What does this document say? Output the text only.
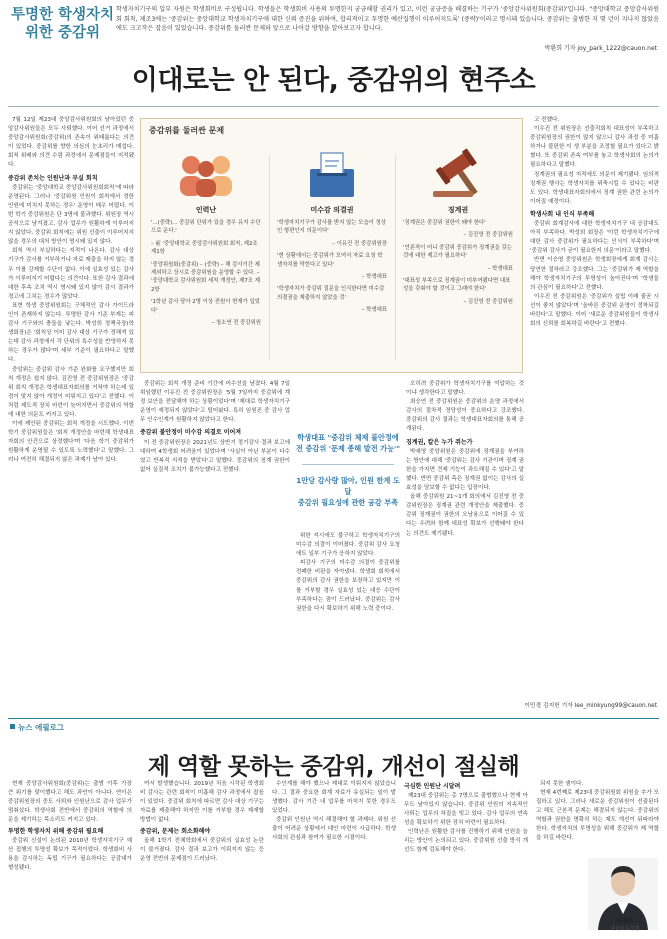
투명한 학생자치
위한 중감위
학생자치기구의 일부 자원은 학생회비로 구성됩니다. 학생들은 학생회비 사용의 투명한지 궁금해할 권리가 있고, 이런 궁금증을 해결하는 기구가 '중앙감사위원회(중감위)'입니다. "중앙대학교 중앙감사위원회 회칙, 제조3에는 '중감위는 중앙대학교 학생자치기구에 대한 신뢰 증진을 위하여, 합리적이고 투명한 예산집행이 이루어지도록' (중략)'이라고 명시돼 있습니다. 중감위는 출범한 지 몇 년이 지나지 않았음에도 크고작은 잡음이 있었습니다. 중감위를 둘러싼 문제와 앞으로 나아갈 방향을 알아보고자 합니다.
박환희 기자 joy_park_1222@cauon.net
이대로는 안 된다, 중감위의 현주소

7월 12일 제23대 중앙감사위원회의 남아있던 중앙감사위원들은 모두 사퇴했다. 이어 선거 과정에서 중앙감사위원회(중감위)의 존속이 위태롭다는 의견이 있었다. 중감위를 향한 의심의 눈초리가 매섭다. 회칙 위배와 의견 수렴 과정에서 문제점들이 지적됐다.

중감위 존치는 인원난과 부실 회칙

중감위는 '중앙대학교 중앙감사위원회회칙'에 따라 운영된다. 그러나 '중감위원 인원이 회칙에서 정한 인원에 미치지 못하는 경우' 운영이 매우 어렵다. 이번 학기 중감위원은 단 3명에 불과했다. 위원장 역시 공석으로 남겨졌고, 감사 업무가 원활하게 이루어지지 않았다. 중감위 회칙에는 위원 선출이 이루어지지 않을 경우의 대처 방안이 명시돼 있지 않다.

회칙 역시 부실하다는 지적이 나온다. 감사 대상 기구가 감사를 거부하거나 자료 제출을 하지 않는 경우 이를 강제할 수단이 없다. 이에 실효성 있는 감사가 이루어지기 어렵다는 의견이다. 또한 감사 결과에 대한 후속 조치 역시 명시돼 있지 않아 감사 결과가 경고에 그치는 경우가 많았다.

표현 학생 중앙위원회는 구체적인 감사 가이드라인이 존재하지 않는다. 투명한 감사 기준 부재는 피감사 기구와의 충돌을 낳는다. 박성희 정책국장(학생회장)은 '회칙상 이미 감사 대상 기구가 정해져 있는데 감사 과정에서 각 단위의 특수성을 반영하지 못하는 경우가 많다'며 세부 기준이 필요하다고 말했다.

중앙위는 중감위 감사 기준 완화를 요구했지만 회칙 개정은 쉽지 않다. 김진영 전 중감위원장은 '중감위 회칙 개정은 학생대표자회의를 거쳐야 하는데 일정이 맞지 않아 개정이 미뤄지고 있다'고 전했다. 이처럼 제도적 장치 마련이 늦어지면서 중감위의 역할에 대한 의문도 커지고 있다.

이에 제안된 중감위는 회칙 개정을 시도했다. 이번 학기 중감위원들은 '회칙 개정안을 마련해 학생대표자회의 안건으로 상정했다'며 '다음 학기 중감위가 원활하게 운영될 수 있도록 노력했다'고 말했다. 그러나 여전히 해결되지 않은 과제가 남아 있다.

중감위를 둘러싼 문제
인력난
'...(중략)... 중감위 단위가 있을 경우 유지 수단으로 운다.'
– 前 '중앙대학교 중앙감사위원회 회칙, 제2조 제1항
'중앙위원회(중감위) – (중략) – 해 감사기간 제 제외하고 상시로 중감위원을 운영할 수 있다. – '중앙대학교 감사위원회 세칙 개정안, 제7조 제2항
'1학년 감사 담아 2명 이상 전원이 현재가 입었다'
– 청소연 전 중감위원
미수감 의결권
'학생자치기구가 감사를 받지 않는 모습이 정상인 형편인지 의문이다'
– 이유진 전 중감위원장
'현 상황에서는 중감위가 모여서 자료 요청 학생자치를 막힌다고 있다'
– 학생대표
'학생자치가 중감위 질문을 인식한다면 미수감 의결권을 제출하지 않았을 것'
– 학생대표
징계권
'징계권은 중감위 권한이 돼야 한다'
– 김진영 전 중감위원
'언론적이 어니 중감위 중감위가 징계권을 갖는 것에 대한 제고가 필요하다'
– 학생대표
'대표성 부족으로 징계권이 미부여됐다면 대표성을 갖춰야 할 것이고 그래야 한다'
– 김진영 전 중감위원

중감위는 회칙 개정 준비 기간에 어수선을 남겼다. 4월 7일 취임했던 이유진 전 중감위원장은 '5월 7일까지 중감위에 계정 보안을 전달해야 하는 상황이었다'며 '제대로 학생자치기구 운영이 예정되지 않았다'고 털어놨다. 특히 임원진 중 감사 업무 인수인계가 원활하지 않았다고 한다.

중감위 불안정이 미수감 의결로 이어져

이 전 중감위원장은 2021년도 상반기 정기감사 결과 보고에 대하여 4학생회 어려움이 있었다며 '사실이 아닌 부분이 다수였고 반복적 지적을 받았다'고 말했다. 중감위의 징계 권한이 없어 실질적 조치가 불가능했다고 전했다.

학생대표 "중감위 체제 불안정에
전 중감위 '문제 종해 발전 가능'"
1만당 감사량 많아, 인원 한계 도달
중감위 필요성에 관한 공감 부족

위한 지시에도 불구하고 학생자치기구의 미수감 의결이 이어졌다. 중감위 감사 요청에도 일부 기구가 응하지 않았다.

피감사 기구의 미수감 의결이 중감위를 전폐한 비판을 자아냈다. 학생회 회칙에서 중감위의 감사 권한을 보장하고 있지만 이를 거부할 경우 실효성 있는 대응 수단이 부족하다는 점이 드러났다. 중감위는 감사 권한을 다시 확보하기 위해 노력 중이다.

오히려 중감위가 학생자치기구를 억압하는 것이냐 생각한다고 말했다.

최승연 전 중감위원은 중감위의 운영 과정에서 감사의 절차적 정당성이 중요하다고 강조했다. 중감위의 감사 결과는 학생대표자회의를 통해 공개된다.

징계권, 칼은 누가 쥐는가

박예영 중앙위원은 중감위에 징계권을 부여하는 방안에 대해 '중감위는 감사 기관이며 징계 권한을 가지면 견제 기능이 과도해질 수 있다'고 말했다. 반면 중감위 측은 징계권 없이는 감사의 실효성을 담보할 수 없다는 입장이다.

올해 중감위원 21~1개 회의에서 김진영 전 중감위원장은 징계권 관련 개정안을 제출했다. 중감위 징계권이 권한의 오남용으로 이어질 수 있다는 우려와 함께 대표성 확보가 선행돼야 한다는 의견도 제기됐다.

고 전했다.

이우진 전 위원장은 선출직회칙 대표성이 부족하고 중감위원장의 권한이 많지 않으니 감사 과정 중 미흡하거나 불편한 이 생 부분을 조정할 필요가 있다고 밝혔다. 또 중감위 존속 여부를 놓고 학생사회의 논의가 필요하다고 말했다.

징계권의 필요성 지적에도 의문이 제기됐다. 임의적 징계권 행사는 학생자치를 위축시킬 수 있다는 비판도 있다. 학생대표자회의에서 징계 권한 관련 논의가 이어질 예정이다.

학생사회 내 인식 부족해

중감위 회계감사에 대한 학생자치기구 내 공감대도 아직 부족하다. 박성희 회장은 '이런 학생자치기구에 대한 감사 중감위가 필요하다는 인식이 부족하다'며 '중감위 감사가 굳이 필요한지 의문'이라고 말했다.

반면 이승영 중앙위원은 학생회장에게 회계 감사는 당연한 절차라고 강조했다. 그는 '중감위가 제 역할을 해야 학생자치기구의 투명성이 높아진다'며 '학생들의 관심이 필요하다'고 전했다.

이우진 전 중감위원은 '중감위가 설립 이래 줄곧 시선이 좋지 않았다'며 '올바른 중감위 운영이 정착되길 바란다'고 말했다. 이어 '새로운 중감위원들이 학생사회의 신뢰를 회복하길 바란다'고 전했다.

이민경 김지헌 기자 lee_minkyung99@cauon.net
뉴스 에필로그
제 역할 못하는 중감위, 개선이 절실해

현재 중앙감사위원회(중감위)는 출범 이후 가장 큰 위기를 맞이했다고 해도 과언이 아니다. 연이은 중감위원장의 중도 사퇴와 인원난으로 감사 업무가 멈춰섰다. 학생사회 전반에서 중감위의 역할에 의문을 제기하는 목소리도 커지고 있다.

투명한 학생자치 위해 중감위 필요해

중감위 신설이 논의된 2010년 학생자치기구 예산 집행의 투명성 확보가 목적이었다. 학생회비 사용을 감시하는 독립 기구가 필요하다는 공감대가 형성됐다.

여서 발생했습니다. 2019년 처음 시작된 학생회비 감사는 관련 회칙이 미흡해 감사 과정에서 잡음이 있었다. 중감위 회칙에 따르면 감사 대상 기구는 자료를 제출해야 하지만 이를 거부할 경우 제재할 방법이 없다.

중감위, 문제는 회소화해야

올해 1학기 전체학회에서 중감위의 실효성 논란이 불거졌다. 감사 결과 보고가 이뤄지지 않는 등 운영 전반의 문제점이 드러났다.

수인계를 해야 했으나 제대로 이뤄지지 않았습니다. 그 결과 중요한 회계 자료가 유실되는 일이 발생했다. 감사 기간 내 업무를 마치지 못한 경우도 있었다.

중감위 인원난 역시 해결해야 할 과제다. 위원 선출이 어려운 상황에서 대안 마련이 시급하다. 학생사회의 관심과 참여가 필요한 시점이다.

극심한 인원난 시달려

제23대 중감위는 총 7명으로 출범했으나 현재 아무도 남아있지 않습니다. 중감위 인원의 지속적인 사퇴는 업무의 차질을 빚고 있다. 감사 업무의 연속성을 확보하기 위한 장치 마련이 필요하다.

인력난은 원활한 감사를 진행하기 위해 인원을 늘리는 방안이 논의되고 있다. 중감위원 선출 방식 개선도 함께 검토해야 한다.

되지 못한 셈이다.

현재 4번째로 제23대 중감위원회 위원을 추가 모집하고 있다. 그러나 새로운 중감위원이 선출된다고 해도 근본적 문제는 해결되지 않는다. 중감위의 역할과 권한을 명확히 하는 제도 개선이 뒤따라야 한다. 학생자치의 투명성을 위해 중감위가 제 역할을 하길 바란다.

박환희
대학보도부장
